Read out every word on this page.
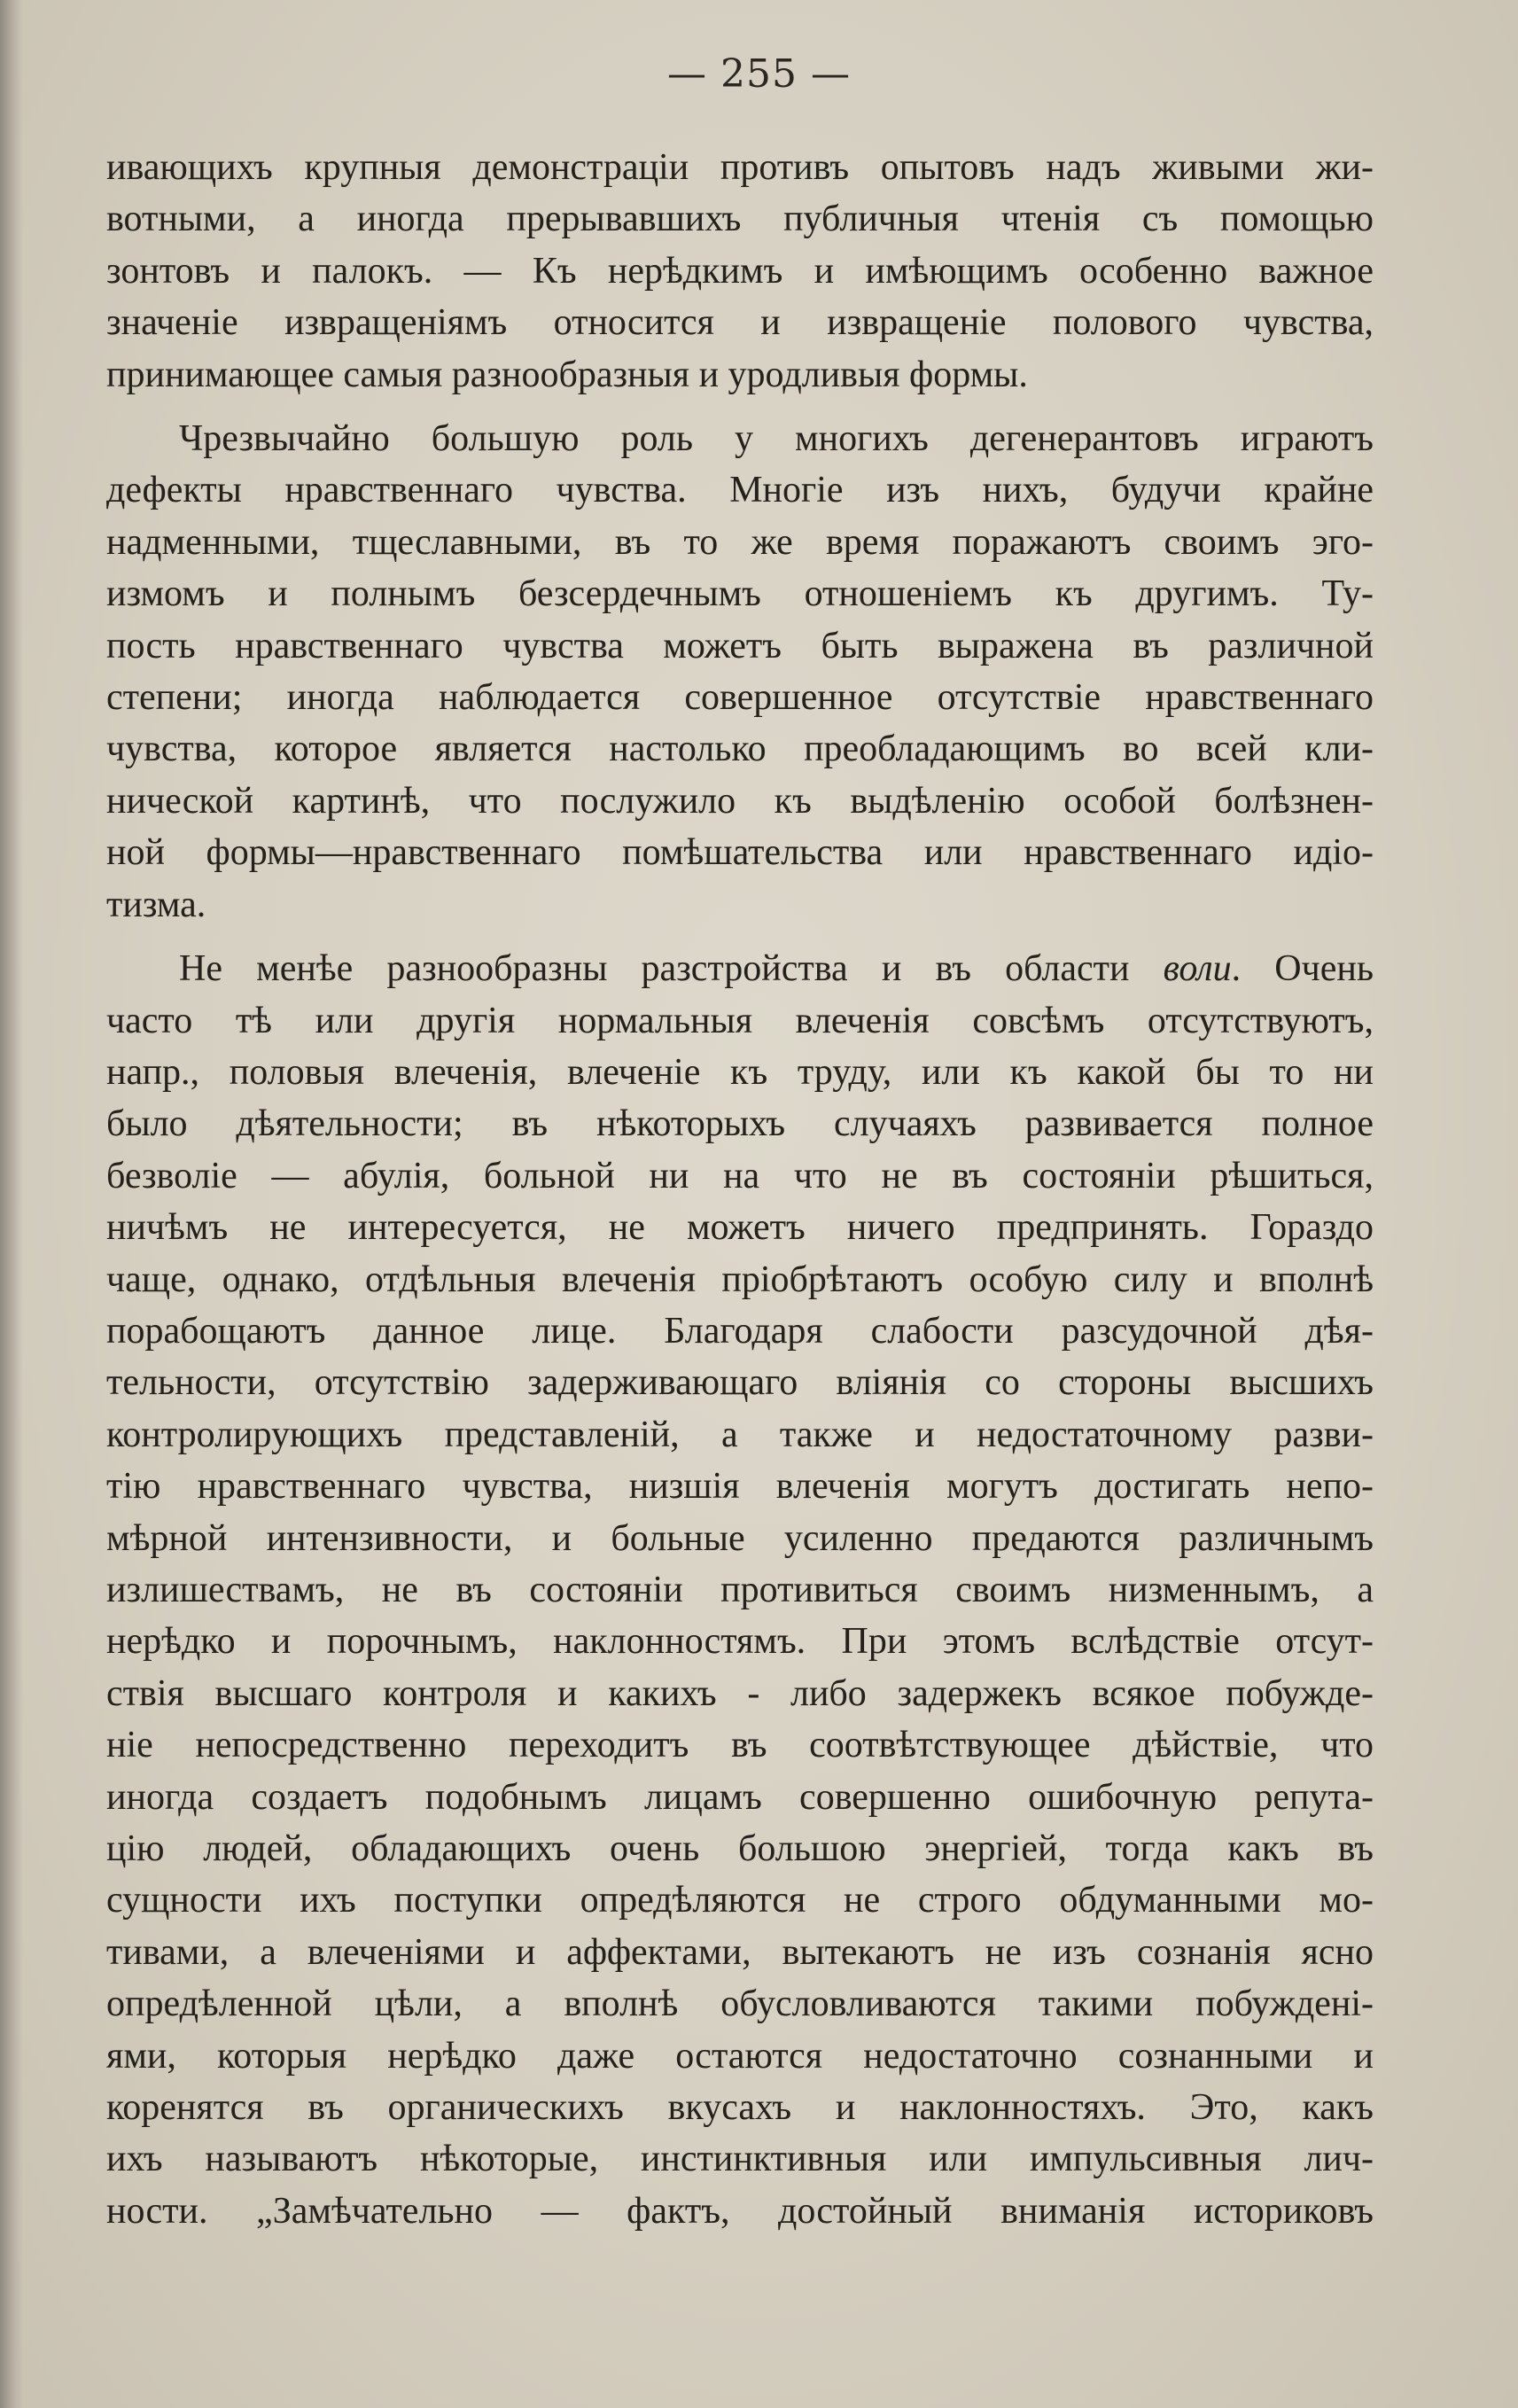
— 255 —

ивающихъ крупныя демонстраціи противъ опытовъ надъ живыми жи-
вотными, а иногда прерывавшихъ публичныя чтенія съ помощью
зонтовъ и палокъ. — Къ нерѣдкимъ и имѣющимъ особенно важное
значеніе извращеніямъ относится и извращеніе полового чувства,
принимающее самыя разнообразныя и уродливыя формы.

Чрезвычайно большую роль у многихъ дегенерантовъ играютъ
дефекты нравственнаго чувства. Многіе изъ нихъ, будучи крайне
надменными, тщеславными, въ то же время поражаютъ своимъ эго-
измомъ и полнымъ безсердечнымъ отношеніемъ къ другимъ. Ту-
пость нравственнаго чувства можетъ быть выражена въ различной
степени; иногда наблюдается совершенное отсутствіе нравственнаго
чувства, которое является настолько преобладающимъ во всей кли-
нической картинѣ, что послужило къ выдѣленію особой болѣзнен-
ной формы—нравственнаго помѣшательства или нравственнаго идіо-
тизма.

Не менѣе разнообразны разстройства и въ области воли. Очень
часто тѣ или другія нормальныя влеченія совсѣмъ отсутствуютъ,
напр., половыя влеченія, влеченіе къ труду, или къ какой бы то ни
было дѣятельности; въ нѣкоторыхъ случаяхъ развивается полное
безволіе — абулія, больной ни на что не въ состояніи рѣшиться,
ничѣмъ не интересуется, не можетъ ничего предпринять. Гораздо
чаще, однако, отдѣльныя влеченія пріобрѣтаютъ особую силу и вполнѣ
порабощаютъ данное лице. Благодаря слабости разсудочной дѣя-
тельности, отсутствію задерживающаго вліянія со стороны высшихъ
контролирующихъ представленій, а также и недостаточному разви-
тію нравственнаго чувства, низшія влеченія могутъ достигать непо-
мѣрной интензивности, и больные усиленно предаются различнымъ
излишествамъ, не въ состояніи противиться своимъ низменнымъ, а
нерѣдко и порочнымъ, наклонностямъ. При этомъ вслѣдствіе отсут-
ствія высшаго контроля и какихъ - либо задержекъ всякое побужде-
ніе непосредственно переходитъ въ соотвѣтствующее дѣйствіе, что
иногда создаетъ подобнымъ лицамъ совершенно ошибочную репута-
цію людей, обладающихъ очень большою энергіей, тогда какъ въ
сущности ихъ поступки опредѣляются не строго обдуманными мо-
тивами, а влеченіями и аффектами, вытекаютъ не изъ сознанія ясно
опредѣленной цѣли, а вполнѣ обусловливаются такими побужденi-
ями, которыя нерѣдко даже остаются недостаточно сознанными и
коренятся въ органическихъ вкусахъ и наклонностяхъ. Это, какъ
ихъ называютъ нѣкоторые, инстинктивныя или импульсивныя лич-
ности. „Замѣчательно — фактъ, достойный вниманія историковъ
